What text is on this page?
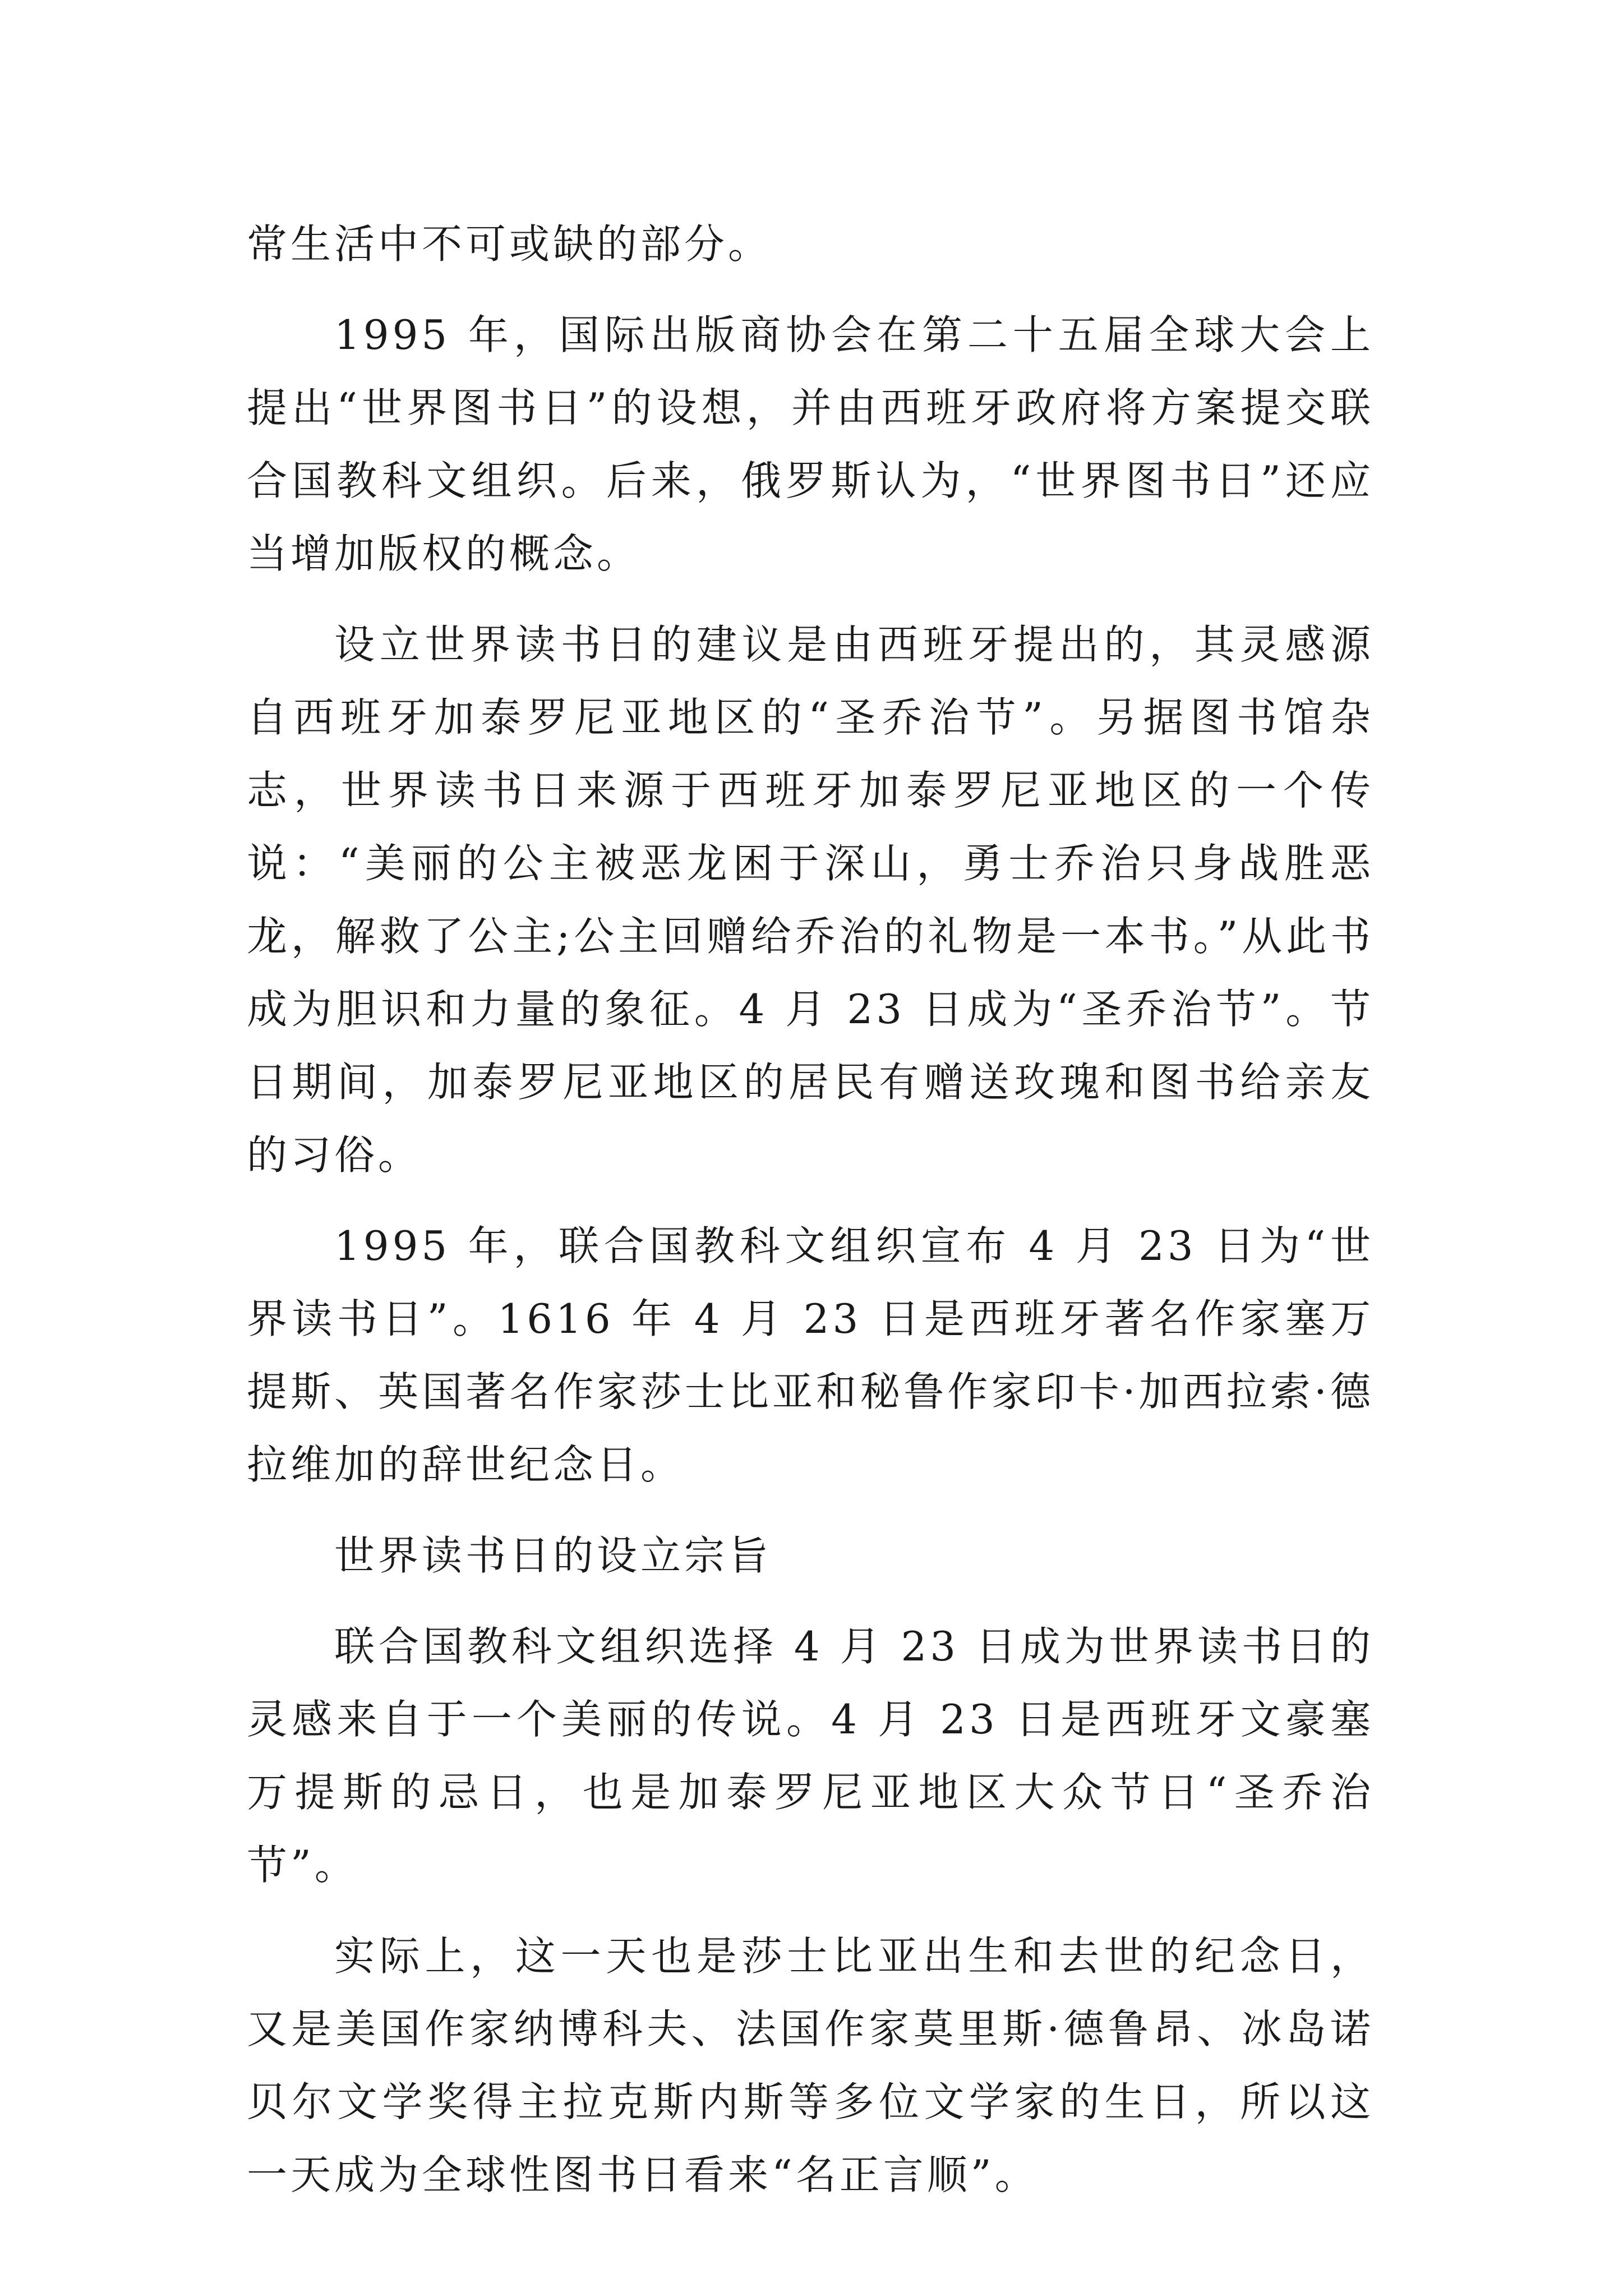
常生活中不可或缺的部分。

1995 年，国际出版商协会在第二十五届全球大会上提出“世界图书日”的设想，并由西班牙政府将方案提交联合国教科文组织。后来，俄罗斯认为，“世界图书日”还应当增加版权的概念。

设立世界读书日的建议是由西班牙提出的，其灵感源自西班牙加泰罗尼亚地区的“圣乔治节”。另据图书馆杂志，世界读书日来源于西班牙加泰罗尼亚地区的一个传说：“美丽的公主被恶龙困于深山，勇士乔治只身战胜恶龙，解救了公主;公主回赠给乔治的礼物是一本书。”从此书成为胆识和力量的象征。4 月 23 日成为“圣乔治节”。节日期间，加泰罗尼亚地区的居民有赠送玫瑰和图书给亲友的习俗。

1995 年，联合国教科文组织宣布 4 月 23 日为“世界读书日”。1616 年 4 月 23 日是西班牙著名作家塞万提斯、英国著名作家莎士比亚和秘鲁作家印卡·加西拉索·德拉维加的辞世纪念日。

世界读书日的设立宗旨

联合国教科文组织选择 4 月 23 日成为世界读书日的灵感来自于一个美丽的传说。4 月 23 日是西班牙文豪塞万提斯的忌日，也是加泰罗尼亚地区大众节日“圣乔治节”。

实际上，这一天也是莎士比亚出生和去世的纪念日，又是美国作家纳博科夫、法国作家莫里斯·德鲁昂、冰岛诺贝尔文学奖得主拉克斯内斯等多位文学家的生日，所以这一天成为全球性图书日看来“名正言顺”。
